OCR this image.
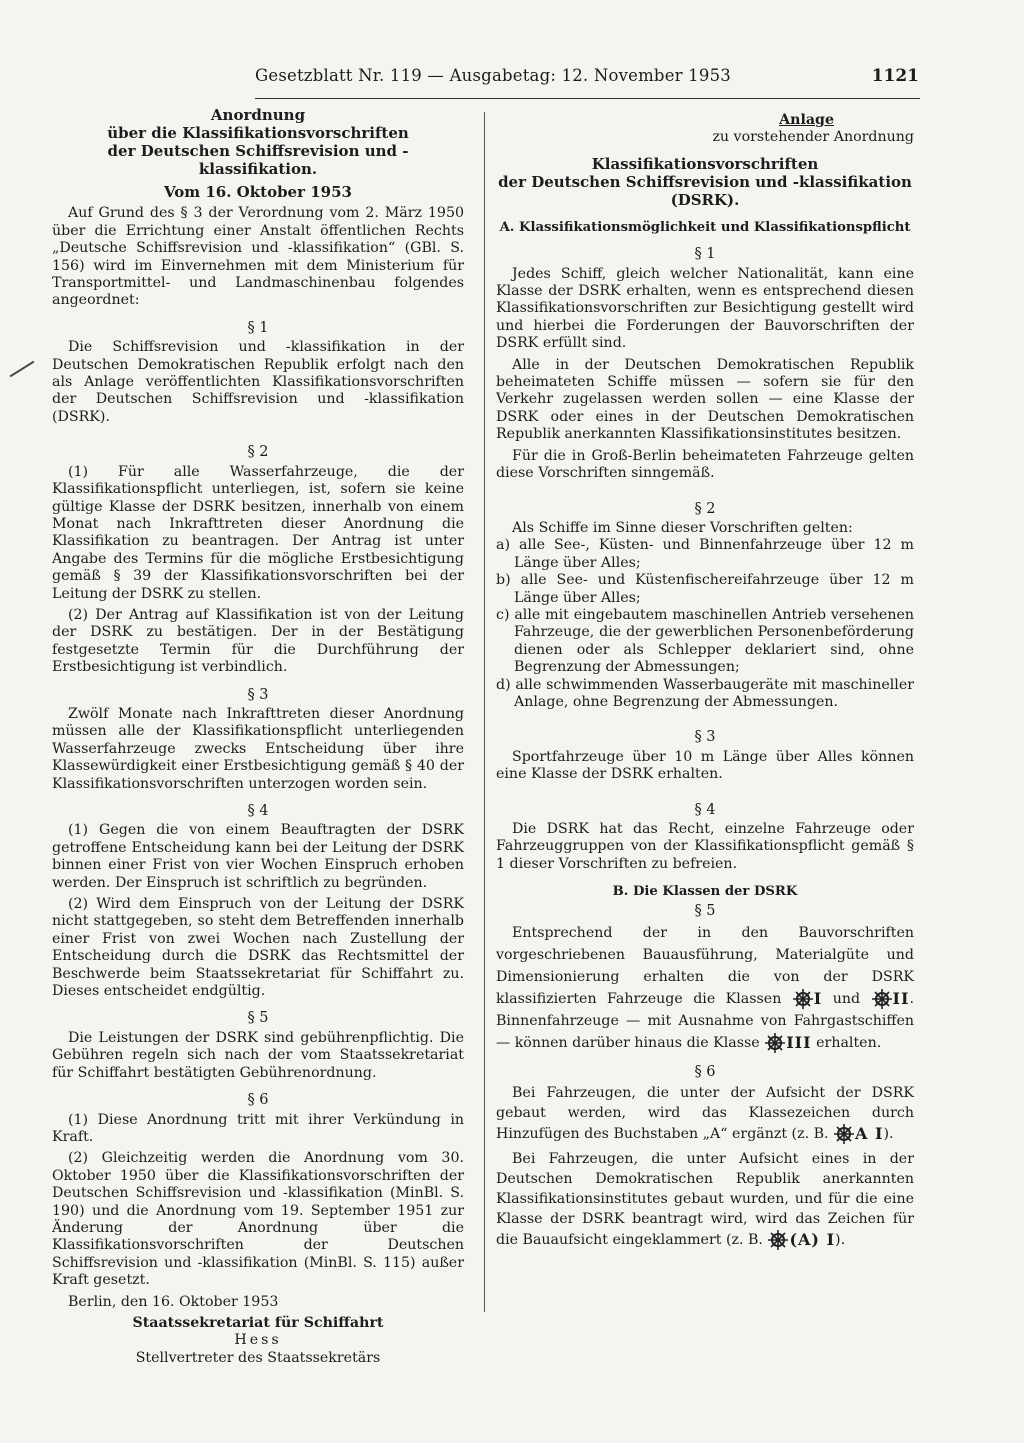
Gesetzblatt Nr. 119 — Ausgabetag: 12. November 1953	1121
Anordnung
über die Klassifikationsvorschriften
der Deutschen Schiffsrevision und -klassifikation.
Vom 16. Oktober 1953

Auf Grund des § 3 der Verordnung vom 2. März 1950 über die Errichtung einer Anstalt öffentlichen Rechts „Deutsche Schiffsrevision und -klassifikation“ (GBl. S. 156) wird im Einvernehmen mit dem Ministerium für Transportmittel- und Landmaschinenbau folgendes angeordnet:

§ 1

Die Schiffsrevision und -klassifikation in der Deutschen Demokratischen Republik erfolgt nach den als Anlage veröffentlichten Klassifikationsvorschriften der Deutschen Schiffsrevision und -klassifikation (DSRK).

§ 2

(1) Für alle Wasserfahrzeuge, die der Klassifikationspflicht unterliegen, ist, sofern sie keine gültige Klasse der DSRK besitzen, innerhalb von einem Monat nach Inkrafttreten dieser Anordnung die Klassifikation zu beantragen. Der Antrag ist unter Angabe des Termins für die mögliche Erstbesichtigung gemäß § 39 der Klassifikationsvorschriften bei der Leitung der DSRK zu stellen.

(2) Der Antrag auf Klassifikation ist von der Leitung der DSRK zu bestätigen. Der in der Bestätigung festgesetzte Termin für die Durchführung der Erstbesichtigung ist verbindlich.

§ 3

Zwölf Monate nach Inkrafttreten dieser Anordnung müssen alle der Klassifikationspflicht unterliegenden Wasserfahrzeuge zwecks Entscheidung über ihre Klassewürdigkeit einer Erstbesichtigung gemäß § 40 der Klassifikationsvorschriften unterzogen worden sein.

§ 4

(1) Gegen die von einem Beauftragten der DSRK getroffene Entscheidung kann bei der Leitung der DSRK binnen einer Frist von vier Wochen Einspruch erhoben werden. Der Einspruch ist schriftlich zu begründen.

(2) Wird dem Einspruch von der Leitung der DSRK nicht stattgegeben, so steht dem Betreffenden innerhalb einer Frist von zwei Wochen nach Zustellung der Entscheidung durch die DSRK das Rechtsmittel der Beschwerde beim Staatssekretariat für Schiffahrt zu. Dieses entscheidet endgültig.

§ 5

Die Leistungen der DSRK sind gebührenpflichtig. Die Gebühren regeln sich nach der vom Staatssekretariat für Schiffahrt bestätigten Gebührenordnung.

§ 6

(1) Diese Anordnung tritt mit ihrer Verkündung in Kraft.

(2) Gleichzeitig werden die Anordnung vom 30. Oktober 1950 über die Klassifikationsvorschriften der Deutschen Schiffsrevision und -klassifikation (MinBl. S. 190) und die Anordnung vom 19. September 1951 zur Änderung der Anordnung über die Klassifikationsvorschriften der Deutschen Schiffsrevision und -klassifikation (MinBl. S. 115) außer Kraft gesetzt.

Berlin, den 16. Oktober 1953

Staatssekretariat für Schiffahrt
Hess
Stellvertreter des Staatssekretärs
Anlage
zu vorstehender Anordnung
Klassifikationsvorschriften
der Deutschen Schiffsrevision und -klassifikation
(DSRK).
A. Klassifikationsmöglichkeit und Klassifikationspflicht
§ 1

Jedes Schiff, gleich welcher Nationalität, kann eine Klasse der DSRK erhalten, wenn es entsprechend diesen Klassifikationsvorschriften zur Besichtigung gestellt wird und hierbei die Forderungen der Bauvorschriften der DSRK erfüllt sind.

Alle in der Deutschen Demokratischen Republik beheimateten Schiffe müssen — sofern sie für den Verkehr zugelassen werden sollen — eine Klasse der DSRK oder eines in der Deutschen Demokratischen Republik anerkannten Klassifikationsinstitutes besitzen.

Für die in Groß-Berlin beheimateten Fahrzeuge gelten diese Vorschriften sinngemäß.

§ 2

Als Schiffe im Sinne dieser Vorschriften gelten:

a) alle See-, Küsten- und Binnenfahrzeuge über 12 m Länge über Alles;

b) alle See- und Küstenfischereifahrzeuge über 12 m Länge über Alles;

c) alle mit eingebautem maschinellen Antrieb versehenen Fahrzeuge, die der gewerblichen Personenbeförderung dienen oder als Schlepper deklariert sind, ohne Begrenzung der Abmessungen;

d) alle schwimmenden Wasserbaugeräte mit maschineller Anlage, ohne Begrenzung der Abmessungen.

§ 3

Sportfahrzeuge über 10 m Länge über Alles können eine Klasse der DSRK erhalten.

§ 4

Die DSRK hat das Recht, einzelne Fahrzeuge oder Fahrzeuggruppen von der Klassifikationspflicht gemäß § 1 dieser Vorschriften zu befreien.

B. Die Klassen der DSRK
§ 5

Entsprechend der in den Bauvorschriften vorgeschriebenen Bauausführung, Materialgüte und Dimensionierung erhalten die von der DSRK klassifizierten Fahrzeuge die Klassen I und II. Binnenfahrzeuge — mit Ausnahme von Fahrgastschiffen — können darüber hinaus die Klasse III erhalten.

§ 6

Bei Fahrzeugen, die unter der Aufsicht der DSRK gebaut werden, wird das Klassezeichen durch Hinzufügen des Buchstaben „A“ ergänzt (z. B. A I).

Bei Fahrzeugen, die unter Aufsicht eines in der Deutschen Demokratischen Republik anerkannten Klassifikationsinstitutes gebaut wurden, und für die eine Klasse der DSRK beantragt wird, wird das Zeichen für die Bauaufsicht eingeklammert (z. B. (A) I).
